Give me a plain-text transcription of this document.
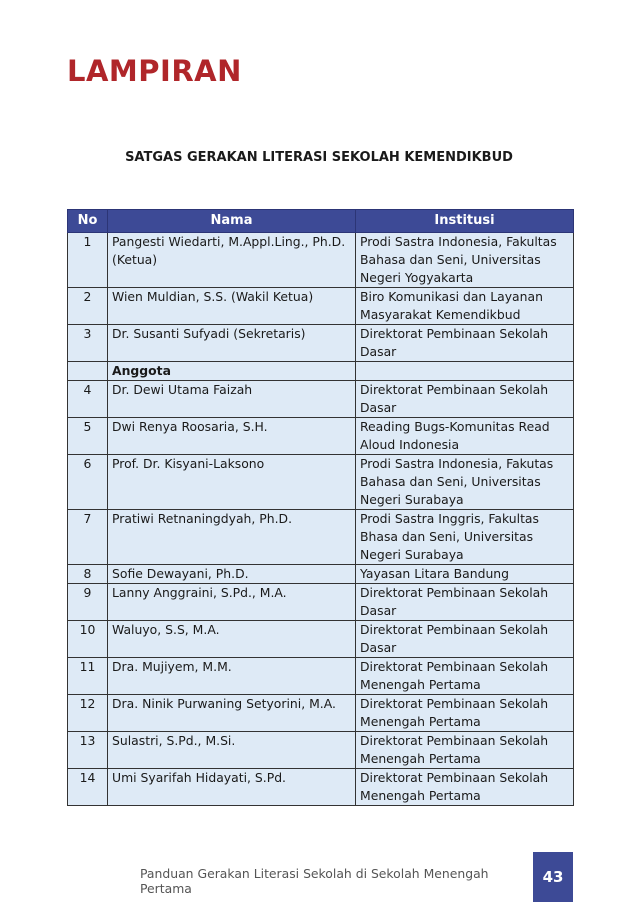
LAMPIRAN

SATGAS GERAKAN LITERASI SEKOLAH KEMENDIKBUD

No	Nama	Institusi
1	Pangesti Wiedarti, M.Appl.Ling., Ph.D. (Ketua)	Prodi Sastra Indonesia, Fakultas Bahasa dan Seni, Universitas Negeri Yogyakarta
2	Wien Muldian, S.S. (Wakil Ketua)	Biro Komunikasi dan Layanan Masyarakat Kemendikbud
3	Dr. Susanti Sufyadi (Sekretaris)	Direktorat Pembinaan Sekolah Dasar
	Anggota	
4	Dr. Dewi Utama Faizah	Direktorat Pembinaan Sekolah Dasar
5	Dwi Renya Roosaria, S.H.	Reading Bugs-Komunitas Read Aloud Indonesia
6	Prof. Dr. Kisyani-Laksono	Prodi Sastra Indonesia, Fakutas Bahasa dan Seni, Universitas Negeri Surabaya
7	Pratiwi Retnaningdyah, Ph.D.	Prodi Sastra Inggris, Fakultas Bhasa dan Seni, Universitas Negeri Surabaya
8	Sofie Dewayani, Ph.D.	Yayasan Litara Bandung
9	Lanny Anggraini, S.Pd., M.A.	Direktorat Pembinaan Sekolah Dasar
10	Waluyo, S.S, M.A.	Direktorat Pembinaan Sekolah Dasar
11	Dra. Mujiyem, M.M.	Direktorat Pembinaan Sekolah Menengah Pertama
12	Dra. Ninik Purwaning Setyorini, M.A.	Direktorat Pembinaan Sekolah Menengah Pertama
13	Sulastri, S.Pd., M.Si.	Direktorat Pembinaan Sekolah Menengah Pertama
14	Umi Syarifah Hidayati, S.Pd.	Direktorat Pembinaan Sekolah Menengah Pertama

Panduan Gerakan Literasi Sekolah di Sekolah Menengah Pertama

43
